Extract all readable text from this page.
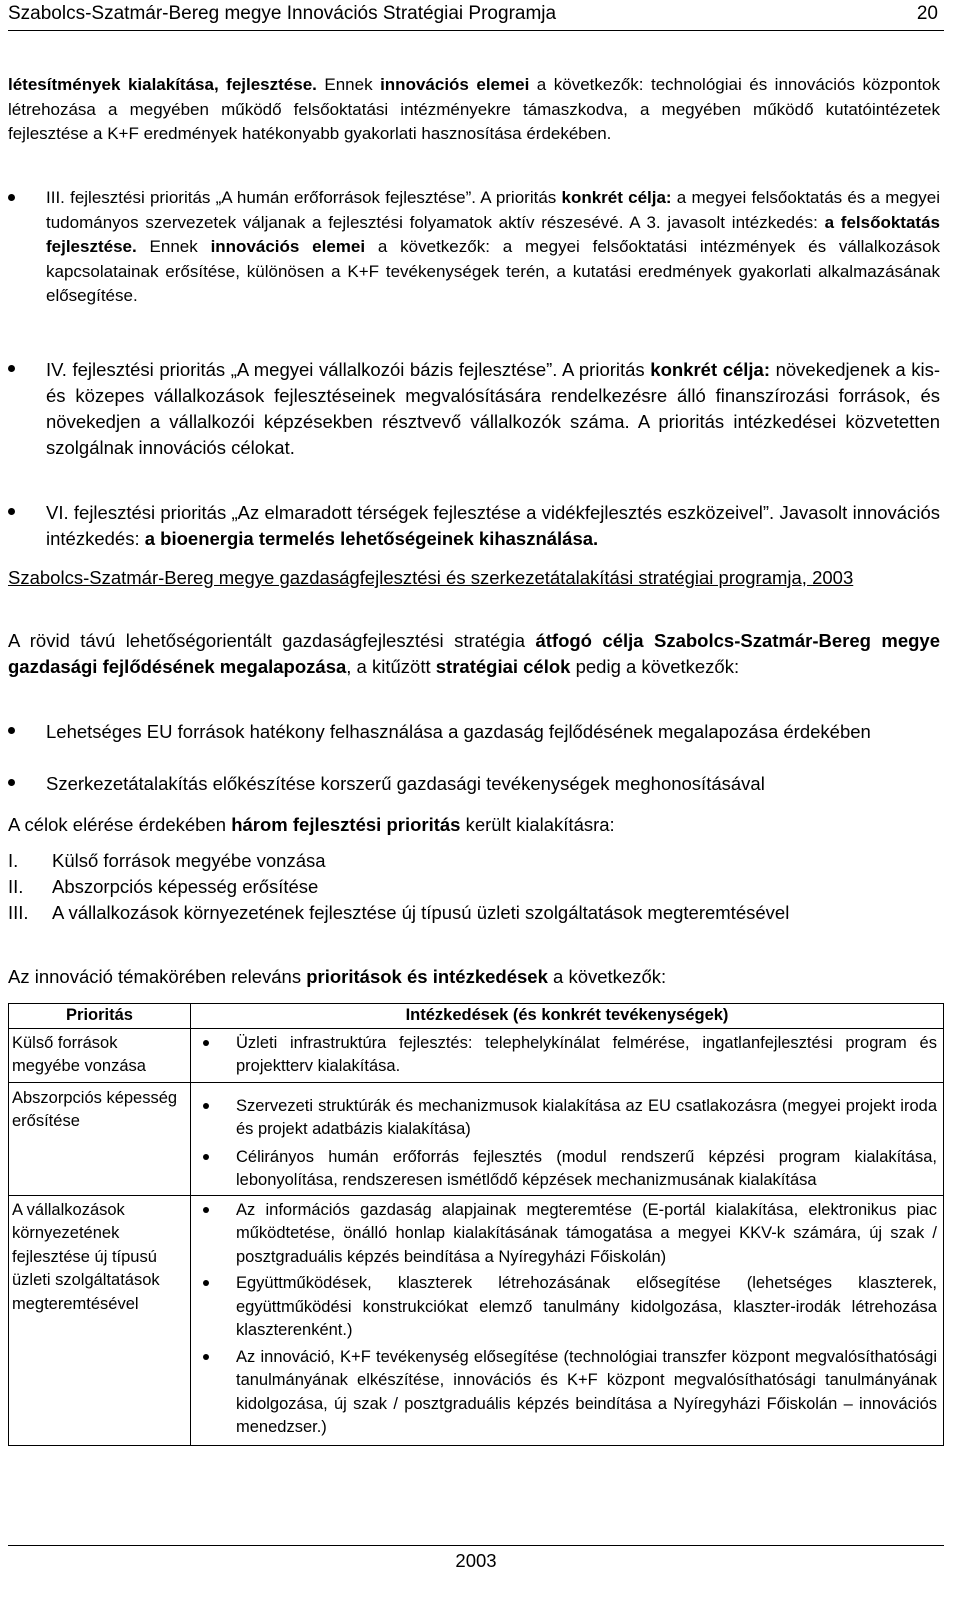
Szabolcs-Szatmár-Bereg megye Innovációs Stratégiai Programja	20
létesítmények kialakítása, fejlesztése. Ennek innovációs elemei a következők: technológiai és innovációs központok létrehozása a megyében működő felsőoktatási intézményekre támaszkodva, a megyében működő kutatóintézetek fejlesztése a K+F eredmények hatékonyabb gyakorlati hasznosítása érdekében.
III. fejlesztési prioritás „A humán erőforrások fejlesztése”. A prioritás konkrét célja: a megyei felsőoktatás és a megyei tudományos szervezetek váljanak a fejlesztési folyamatok aktív részesévé. A 3. javasolt intézkedés: a felsőoktatás fejlesztése. Ennek innovációs elemei a következők: a megyei felsőoktatási intézmények és vállalkozások kapcsolatainak erősítése, különösen a K+F tevékenységek terén, a kutatási eredmények gyakorlati alkalmazásának elősegítése.
IV. fejlesztési prioritás „A megyei vállalkozói bázis fejlesztése”. A prioritás konkrét célja: növekedjenek a kis- és közepes vállalkozások fejlesztéseinek megvalósítására rendelkezésre álló finanszírozási források, és növekedjen a vállalkozói képzésekben résztvevő vállalkozók száma. A prioritás intézkedései közvetetten szolgálnak innovációs célokat.
VI. fejlesztési prioritás „Az elmaradott térségek fejlesztése a vidékfejlesztés eszközeivel”. Javasolt innovációs intézkedés: a bioenergia termelés lehetőségeinek kihasználása.
Szabolcs-Szatmár-Bereg megye gazdaságfejlesztési és szerkezetátalakítási stratégiai programja, 2003
A rövid távú lehetőségorientált gazdaságfejlesztési stratégia átfogó célja Szabolcs-Szatmár-Bereg megye gazdasági fejlődésének megalapozása, a kitűzött stratégiai célok pedig a következők:
Lehetséges EU források hatékony felhasználása a gazdaság fejlődésének megalapozása érdekében
Szerkezetátalakítás előkészítése korszerű gazdasági tevékenységek meghonosításával
A célok elérése érdekében három fejlesztési prioritás került kialakításra:
I. Külső források megyébe vonzása
II. Abszorpciós képesség erősítése
III. A vállalkozások környezetének fejlesztése új típusú üzleti szolgáltatások megteremtésével
Az innováció témakörében releváns prioritások és intézkedések a következők:
Prioritás	Intézkedések (és konkrét tevékenységek)
Külső források megyébe vonzása	Üzleti infrastruktúra fejlesztés: telephelykínálat felmérése, ingatlanfejlesztési program és projektterv kialakítása.

Abszorpciós képesség erősítése	Szervezeti struktúrák és mechanizmusok kialakítása az EU csatlakozásra (megyei projekt iroda és projekt adatbázis kialakítása)
Célirányos humán erőforrás fejlesztés (modul rendszerű képzési program kialakítása, lebonyolítása, rendszeresen ismétlődő képzések mechanizmusának kialakítása

A vállalkozások környezetének fejlesztése új típusú üzleti szolgáltatások megteremtésével	Az információs gazdaság alapjainak megteremtése (E-portál kialakítása, elektronikus piac működtetése, önálló honlap kialakításának támogatása a megyei KKV-k számára, új szak / posztgraduális képzés beindítása a Nyíregyházi Főiskolán)
Együttműködések, klaszterek létrehozásának elősegítése (lehetséges klaszterek, együttműködési konstrukciókat elemző tanulmány kidolgozása, klaszter-irodák létrehozása klaszterenként.)
Az innováció, K+F tevékenység elősegítése (technológiai transzfer központ megvalósíthatósági tanulmányának elkészítése, innovációs és K+F központ megvalósíthatósági tanulmányának kidolgozása, új szak / posztgraduális képzés beindítása a Nyíregyházi Főiskolán – innovációs menedzser.)
2003
